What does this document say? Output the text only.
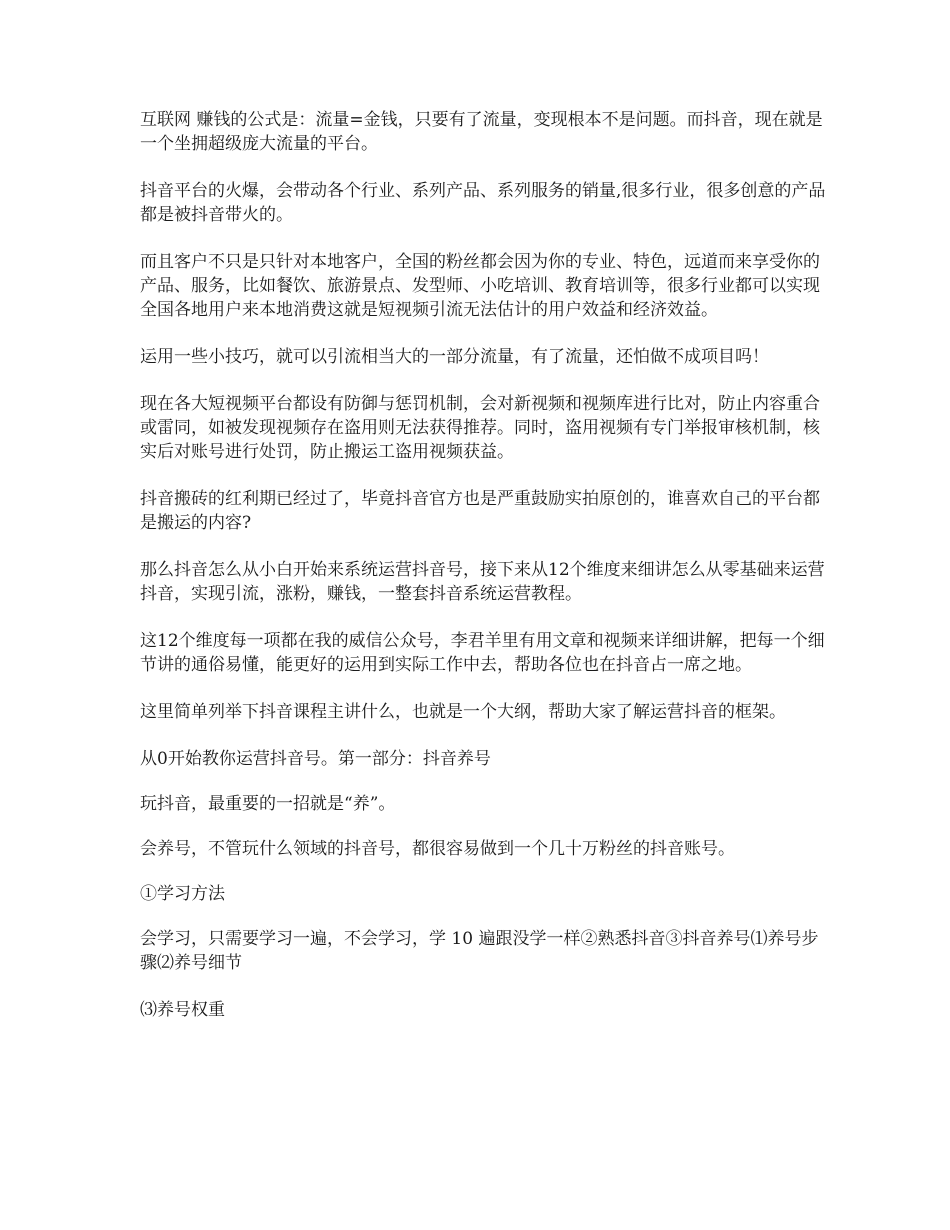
互联网 赚钱的公式是：流量=金钱，只要有了流量，变现根本不是问题。而抖音，现在就是一个坐拥超级庞大流量的平台。

抖音平台的火爆，会带动各个行业、系列产品、系列服务的销量,很多行业，很多创意的产品都是被抖音带火的。

而且客户不只是只针对本地客户，全国的粉丝都会因为你的专业、特色，远道而来享受你的产品、服务，比如餐饮、旅游景点、发型师、小吃培训、教育培训等，很多行业都可以实现全国各地用户来本地消费这就是短视频引流无法估计的用户效益和经济效益。

运用一些小技巧，就可以引流相当大的一部分流量，有了流量，还怕做不成项目吗！

现在各大短视频平台都设有防御与惩罚机制，会对新视频和视频库进行比对，防止内容重合或雷同，如被发现视频存在盗用则无法获得推荐。同时，盗用视频有专门举报审核机制，核实后对账号进行处罚，防止搬运工盗用视频获益。

抖音搬砖的红利期已经过了，毕竟抖音官方也是严重鼓励实拍原创的，谁喜欢自己的平台都是搬运的内容?

那么抖音怎么从小白开始来系统运营抖音号，接下来从12个维度来细讲怎么从零基础来运营抖音，实现引流，涨粉，赚钱，一整套抖音系统运营教程。

这12个维度每一项都在我的威信公众号，李君羊里有用文章和视频来详细讲解，把每一个细节讲的通俗易懂，能更好的运用到实际工作中去，帮助各位也在抖音占一席之地。

这里简单列举下抖音课程主讲什么，也就是一个大纲，帮助大家了解运营抖音的框架。

从0开始教你运营抖音号。第一部分：抖音养号

玩抖音，最重要的一招就是“养”。

会养号，不管玩什么领域的抖音号，都很容易做到一个几十万粉丝的抖音账号。

①学习方法

会学习，只需要学习一遍，不会学习，学 10 遍跟没学一样②熟悉抖音③抖音养号⑴养号步骤⑵养号细节

⑶养号权重
